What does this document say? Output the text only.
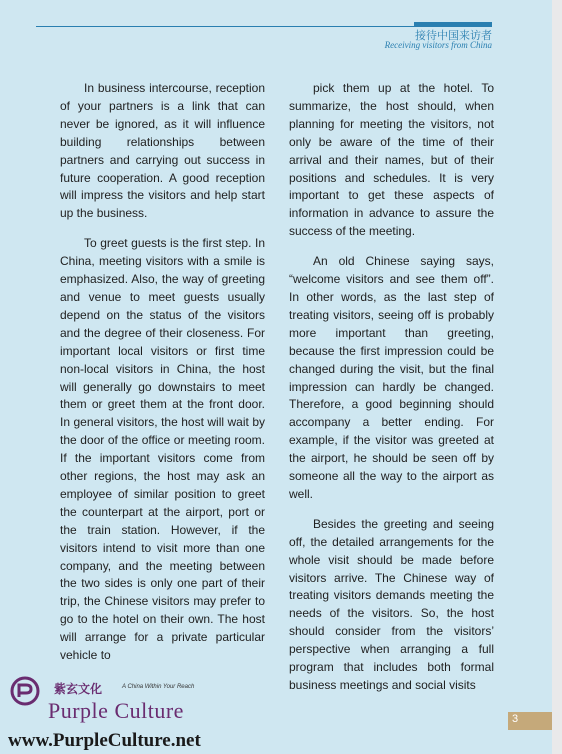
接待中国来访者
Receiving visitors from China

In business intercourse, reception of your partners is a link that can never be ignored, as it will influence building relationships between partners and carrying out success in future cooperation. A good reception will impress the visitors and help start up the business.

To greet guests is the first step. In China, meeting visitors with a smile is emphasized. Also, the way of greeting and venue to meet guests usually depend on the status of the visitors and the degree of their closeness. For important local visitors or first time non-local visitors in China, the host will generally go downstairs to meet them or greet them at the front door. In general visitors, the host will wait by the door of the office or meeting room. If the important visitors come from other regions, the host may ask an employee of similar position to greet the counterpart at the airport, port or the train station. However, if the visitors intend to visit more than one company, and the meeting between the two sides is only one part of their trip, the Chinese visitors may prefer to go to the hotel on their own. The host will arrange for a private particular vehicle to

pick them up at the hotel. To summarize, the host should, when planning for meeting the visitors, not only be aware of the time of their arrival and their names, but of their positions and schedules. It is very important to get these aspects of information in advance to assure the success of the meeting.

An old Chinese saying says, “welcome visitors and see them off”. In other words, as the last step of treating visitors, seeing off is probably more important than greeting, because the first impression could be changed during the visit, but the final impression can hardly be changed. Therefore, a good beginning should accompany a better ending. For example, if the visitor was greeted at the airport, he should be seen off by someone all the way to the airport as well.

Besides the greeting and seeing off, the detailed arrangements for the whole visit should be made before visitors arrive. The Chinese way of treating visitors demands meeting the needs of the visitors. So, the host should consider from the visitors’ perspective when arranging a full program that includes both formal business meetings and social visits

3
紫玄文化	A China Within Your Reach
Purple Culture
www.PurpleCulture.net
